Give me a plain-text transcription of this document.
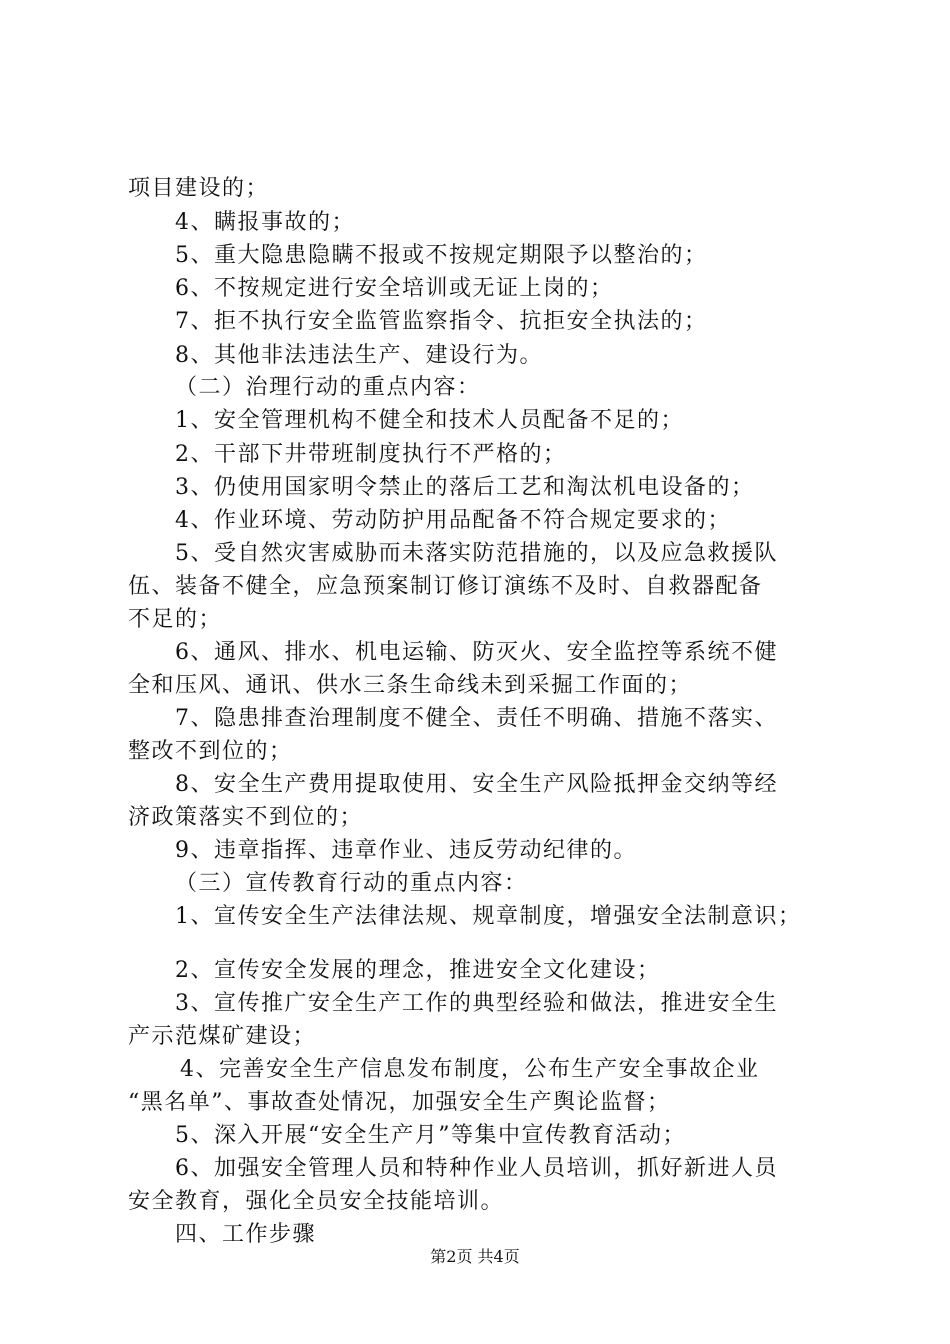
项目建设的；
4、瞒报事故的；
5、重大隐患隐瞒不报或不按规定期限予以整治的；
6、不按规定进行安全培训或无证上岗的；
7、拒不执行安全监管监察指令、抗拒安全执法的；
8、其他非法违法生产、建设行为。
（二）治理行动的重点内容：
1、安全管理机构不健全和技术人员配备不足的；
2、干部下井带班制度执行不严格的；
3、仍使用国家明令禁止的落后工艺和淘汰机电设备的；
4、作业环境、劳动防护用品配备不符合规定要求的；
5、受自然灾害威胁而未落实防范措施的，以及应急救援队
伍、装备不健全，应急预案制订修订演练不及时、自救器配备
不足的；
6、通风、排水、机电运输、防灭火、安全监控等系统不健
全和压风、通讯、供水三条生命线未到采掘工作面的；
7、隐患排查治理制度不健全、责任不明确、措施不落实、
整改不到位的；
8、安全生产费用提取使用、安全生产风险抵押金交纳等经
济政策落实不到位的；
9、违章指挥、违章作业、违反劳动纪律的。
（三）宣传教育行动的重点内容：
1、宣传安全生产法律法规、规章制度，增强安全法制意识；
2、宣传安全发展的理念，推进安全文化建设；
3、宣传推广安全生产工作的典型经验和做法，推进安全生
产示范煤矿建设；
4、完善安全生产信息发布制度，公布生产安全事故企业
“黑名单”、事故查处情况，加强安全生产舆论监督；
5、深入开展“安全生产月”等集中宣传教育活动；
6、加强安全管理人员和特种作业人员培训，抓好新进人员
安全教育，强化全员安全技能培训。
四、工作步骤
第2页 共4页
